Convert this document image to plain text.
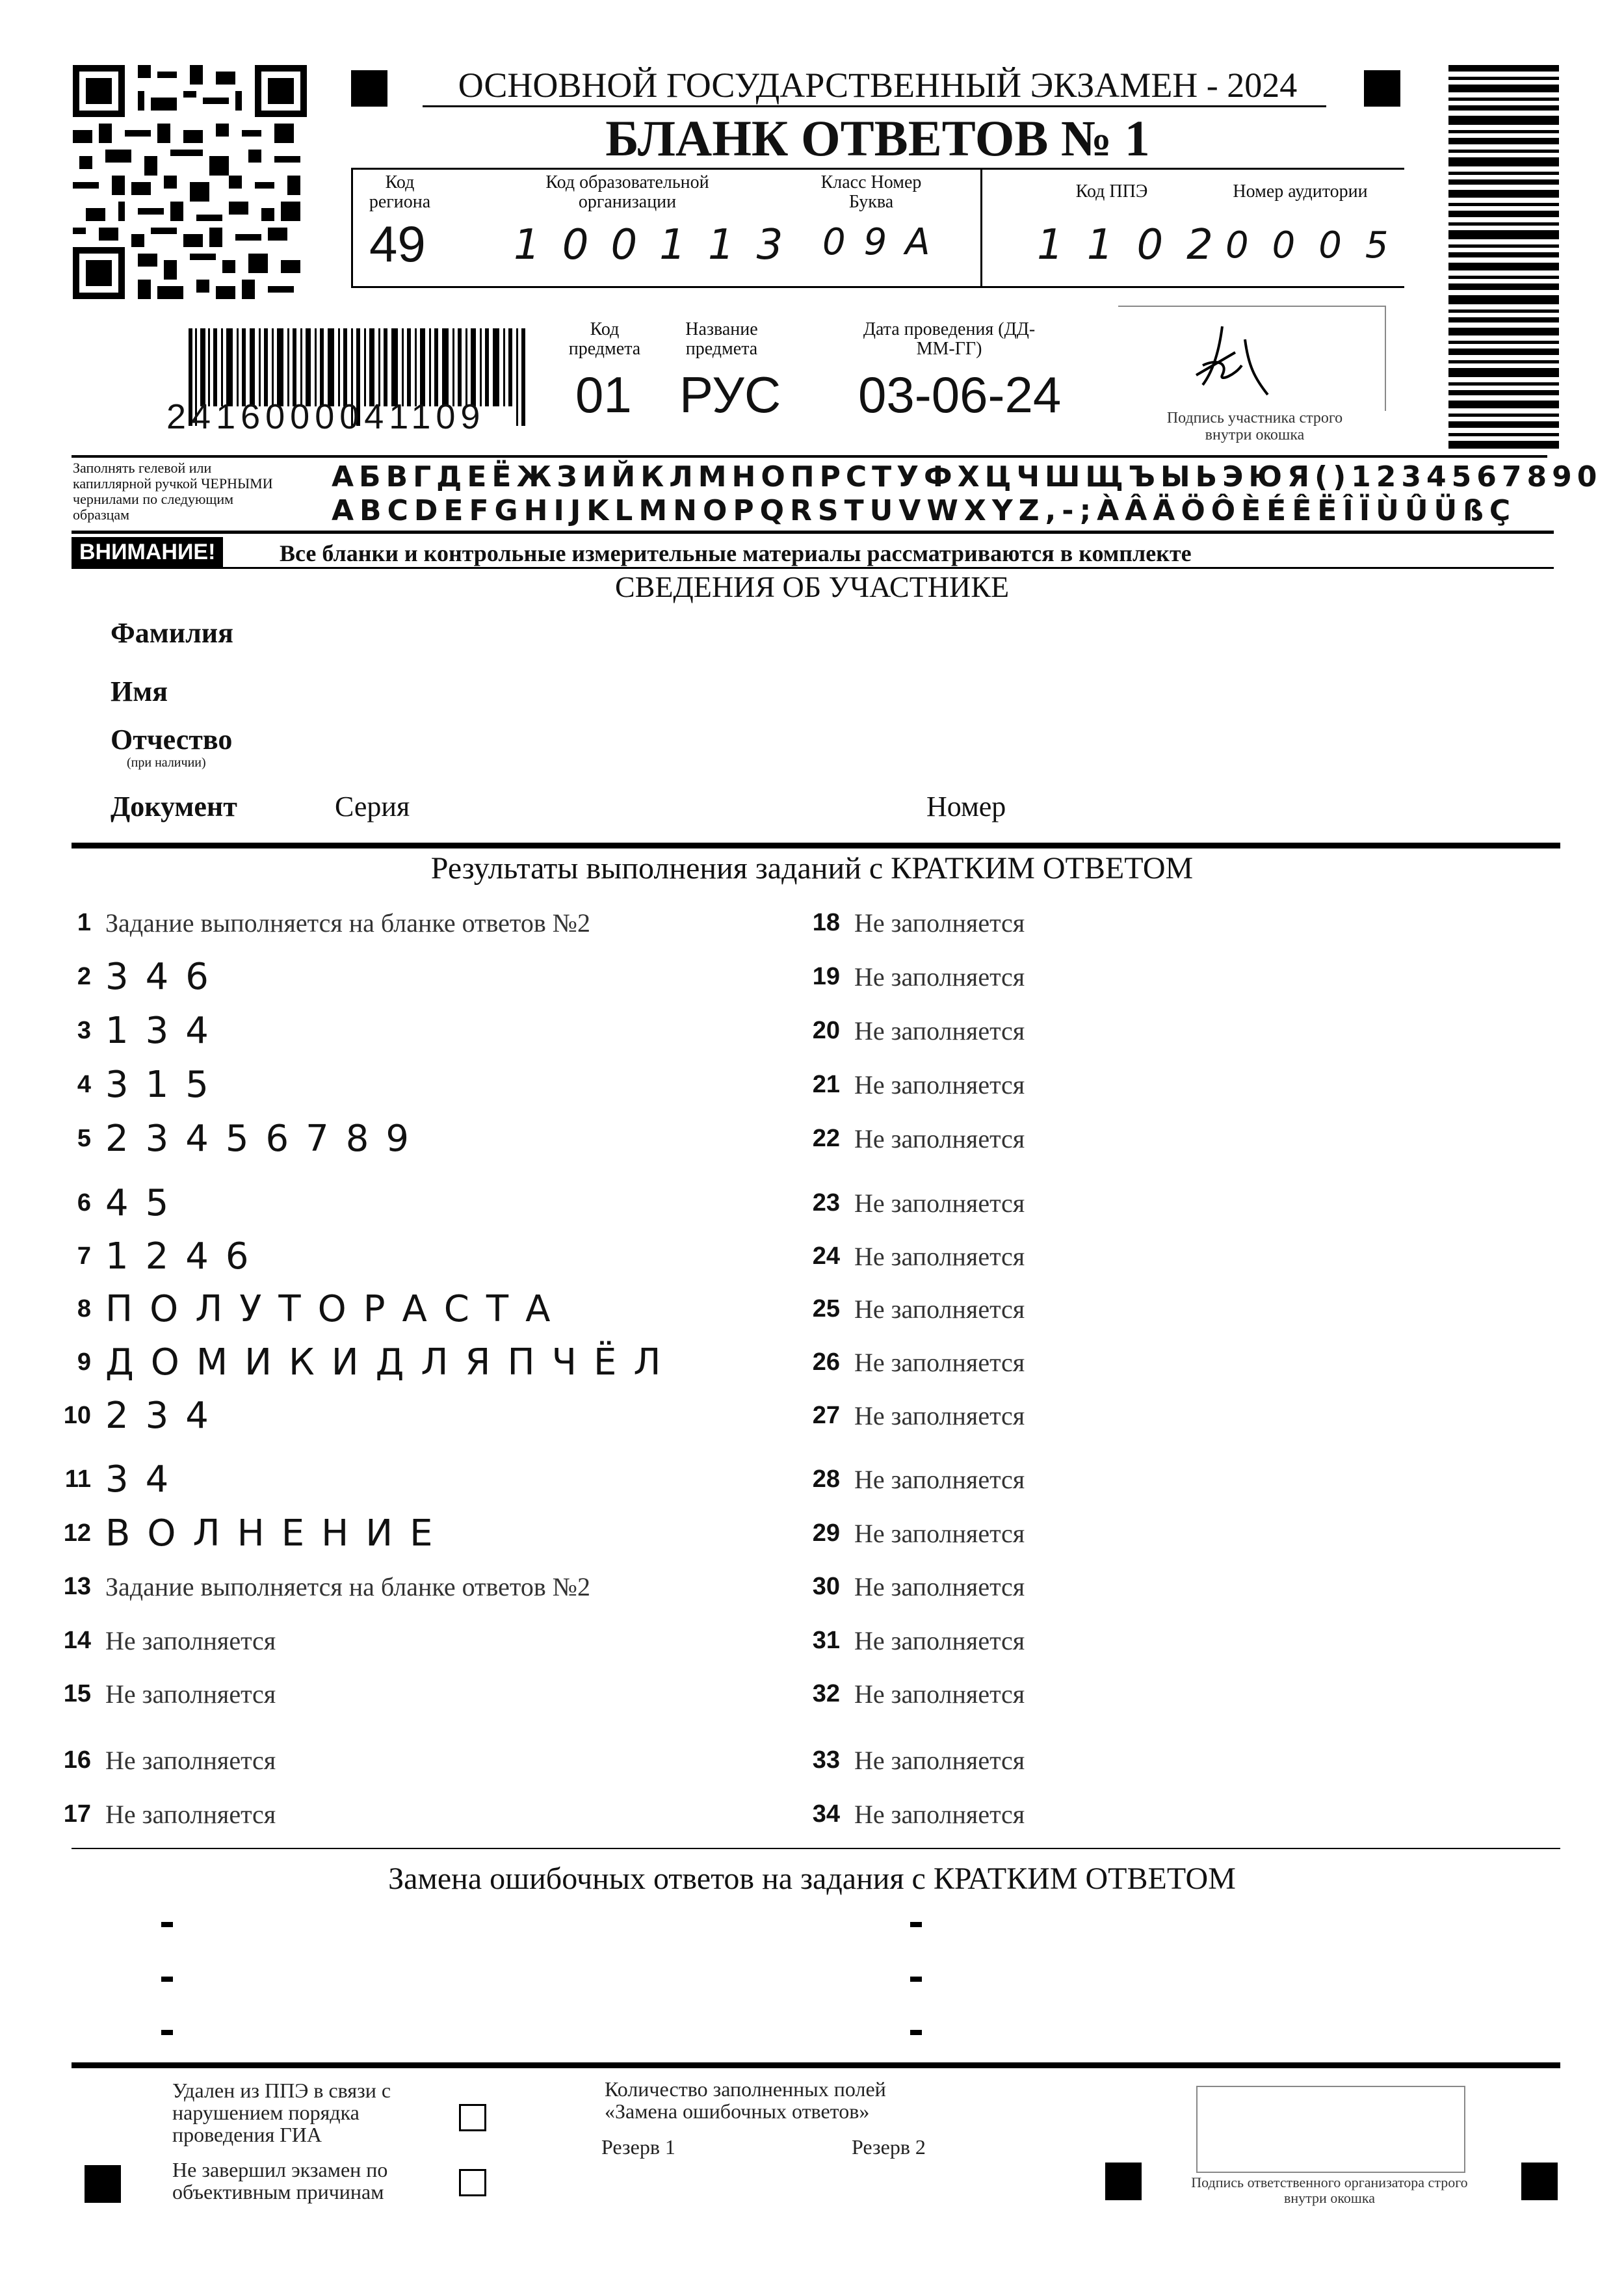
ОСНОВНОЙ ГОСУДАРСТВЕННЫЙ ЭКЗАМЕН - 2024
БЛАНК ОТВЕТОВ № 1
Код региона
49
Код образовательной организации
100113
Класс Номер Буква
09А
Код ППЭ
1102
Номер аудитории
0005
2416000041109
Код предмета
01
Название предмета
РУС
Дата проведения (ДД-ММ-ГГ)
03-06-24	Подпись участника строго внутри окошка
Заполнять гелевой или капиллярной ручкой ЧЕРНЫМИ чернилами по следующим образцам
АБВГДЕЁЖЗИЙКЛМНОПРСТУФХЦЧШЩЪЫЬЭЮЯ()1234567890
ABCDEFGHIJKLMNOPQRSTUVWXYZ,-;ÀÂÄÖÔÈÉÊËÎÏÙÛÜßÇ
ВНИМАНИЕ!	Все бланки и контрольные измерительные материалы рассматриваются в комплекте
СВЕДЕНИЯ ОБ УЧАСТНИКЕ
Фамилия
Имя
Отчество
(при наличии)
Документ	Серия	Номер
Результаты выполнения заданий с КРАТКИМ ОТВЕТОМ
1 Задание выполняется на бланке ответов №2
2 346
3 134
4 315
5 23456789
6 45
7 1246
8 ПОЛУТОРАСТА
9 ДОМИКИДЛЯПЧЁЛ
10 234
11 34
12 ВОЛНЕНИЕ
13 Задание выполняется на бланке ответов №2
14 Не заполняется
15 Не заполняется
16 Не заполняется
17 Не заполняется
18 Не заполняется
19 Не заполняется
20 Не заполняется
21 Не заполняется
22 Не заполняется
23 Не заполняется
24 Не заполняется
25 Не заполняется
26 Не заполняется
27 Не заполняется
28 Не заполняется
29 Не заполняется
30 Не заполняется
31 Не заполняется
32 Не заполняется
33 Не заполняется
34 Не заполняется
Замена ошибочных ответов на задания с КРАТКИМ ОТВЕТОМ
Удален из ППЭ в связи с нарушением порядка проведения ГИА
Не завершил экзамен по объективным причинам
Количество заполненных полей «Замена ошибочных ответов»
Резерв 1	Резерв 2
Подпись ответственного организатора строго внутри окошка
